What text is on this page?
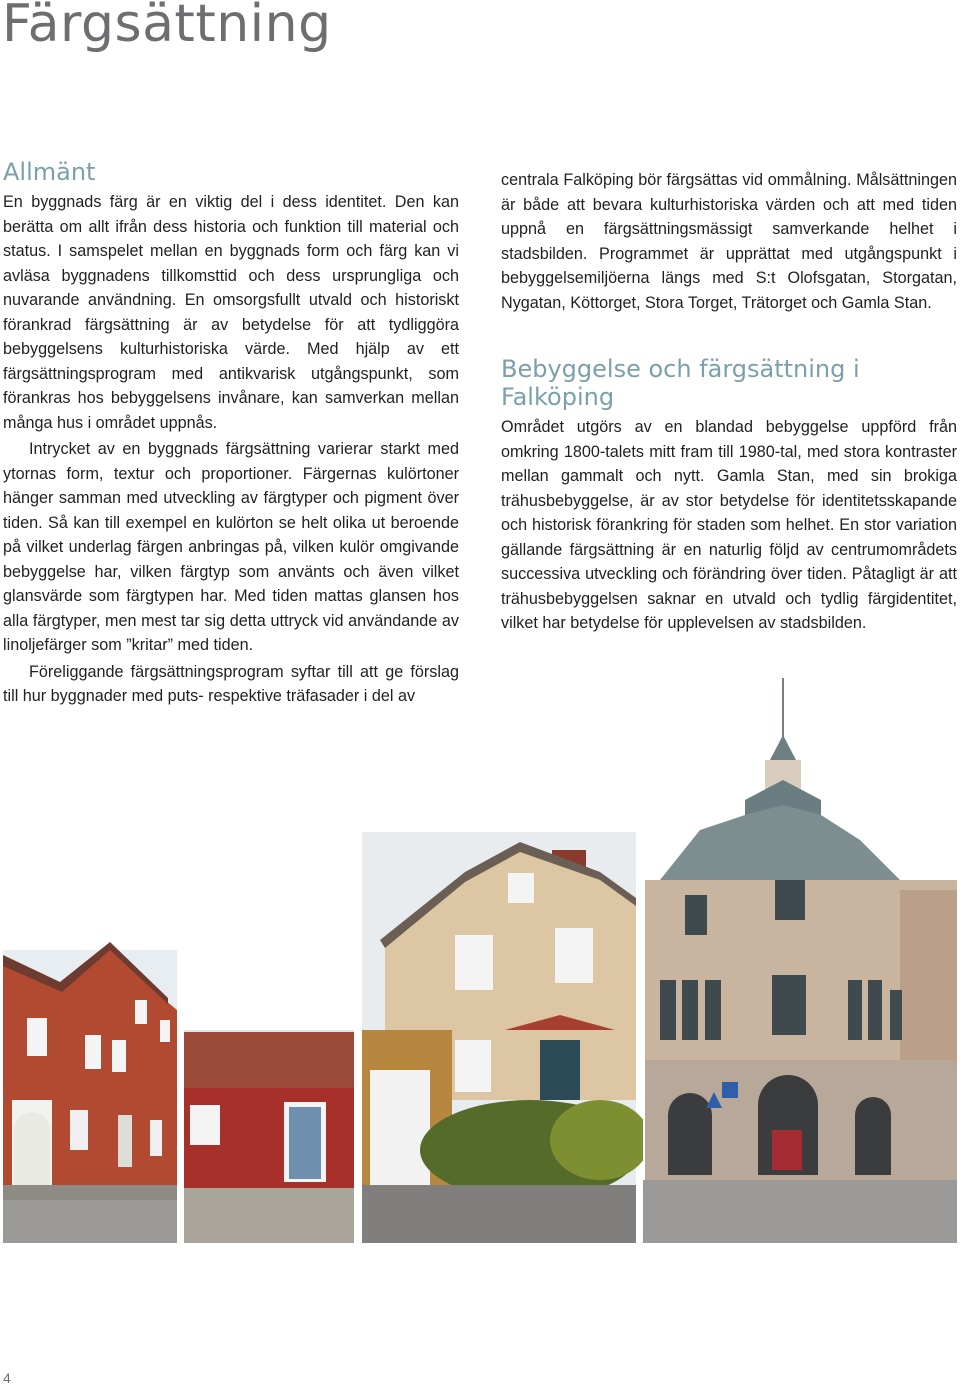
Färgsättning
Allmänt

En byggnads färg är en viktig del i dess identitet. Den kan berätta om allt ifrån dess historia och funktion till material och status. I samspelet mellan en byggnads form och färg kan vi avläsa byggnadens tillkomsttid och dess ursprungliga och nuvarande användning. En omsorgsfullt utvald och historiskt förankrad färgsättning är av betydelse för att tydliggöra bebyggelsens kulturhistoriska värde. Med hjälp av ett färgsättningsprogram med antikvarisk utgångspunkt, som förankras hos bebyggelsens invånare, kan samverkan mellan många hus i området uppnås.

Intrycket av en byggnads färgsättning varierar starkt med ytornas form, textur och proportioner. Färgernas kulörtoner hänger samman med utveckling av färgtyper och pigment över tiden. Så kan till exempel en kulörton se helt olika ut beroende på vilket underlag färgen anbringas på, vilken kulör omgivande bebyggelse har, vilken färgtyp som använts och även vilket glansvärde som färgtypen har. Med tiden mattas glansen hos alla färgtyper, men mest tar sig detta uttryck vid användande av linoljefärger som ”kritar” med tiden.

Föreliggande färgsättningsprogram syftar till att ge förslag till hur byggnader med puts- respektive träfasader i del av

centrala Falköping bör färgsättas vid ommålning. Målsättningen är både att bevara kulturhistoriska värden och att med tiden uppnå en färgsättningsmässigt samverkande helhet i stadsbilden. Programmet är upprättat med utgångspunkt i bebyggelsemiljöerna längs med S:t Olofsgatan, Storgatan, Nygatan, Köttorget, Stora Torget, Trätorget och Gamla Stan.

Bebyggelse och färgsättning i Falköping

Området utgörs av en blandad bebyggelse uppförd från omkring 1800-talets mitt fram till 1980-tal, med stora kontraster mellan gammalt och nytt. Gamla Stan, med sin brokiga trähusbebyggelse, är av stor betydelse för identitetsskapande och historisk förankring för staden som helhet. En stor variation gällande färgsättning är en naturlig följd av centrumområdets successiva utveckling och förändring över tiden. Påtagligt är att trähusbebyggelsen saknar en utvald och tydlig färgidentitet, vilket har betydelse för upplevelsen av stadsbilden.

4
